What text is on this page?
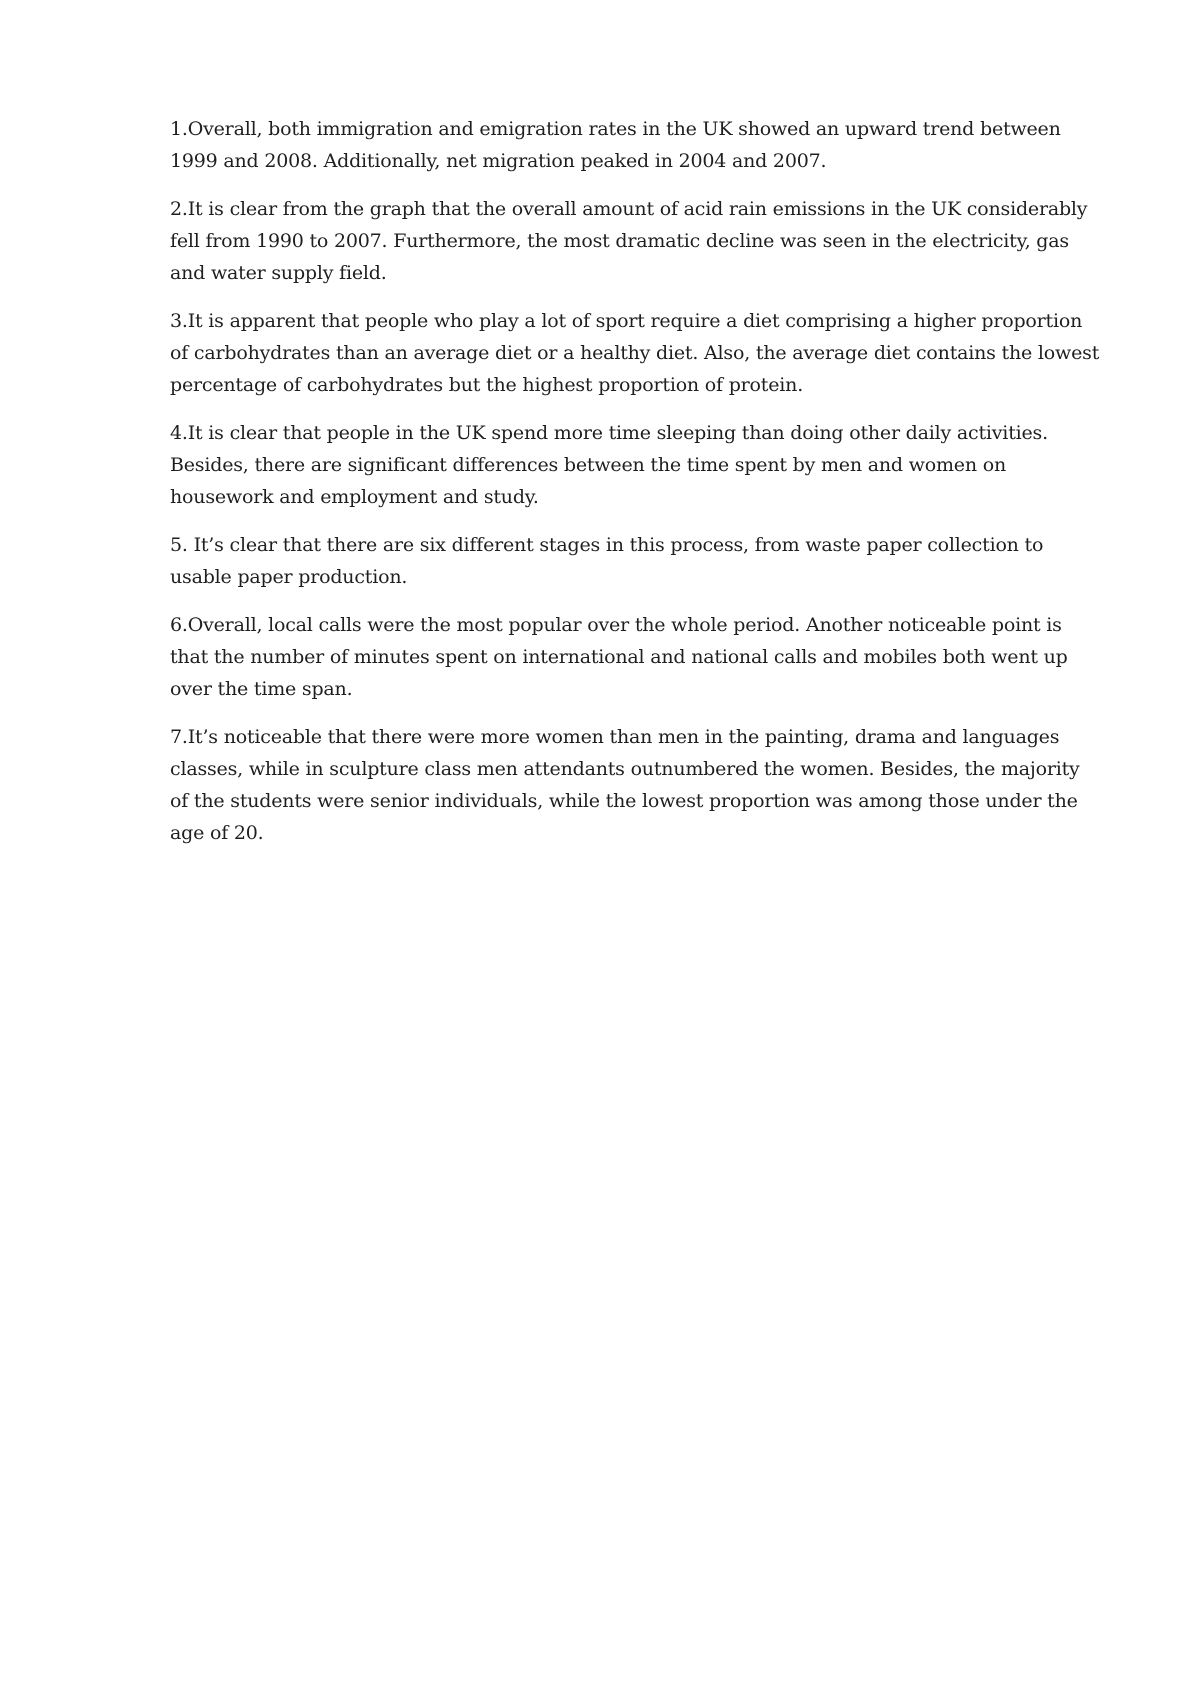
1.Overall, both immigration and emigration rates in the UK showed an upward trend between 1999 and 2008. Additionally, net migration peaked in 2004 and 2007.

2.It is clear from the graph that the overall amount of acid rain emissions in the UK considerably fell from 1990 to 2007. Furthermore, the most dramatic decline was seen in the electricity, gas and water supply field.

3.It is apparent that people who play a lot of sport require a diet comprising a higher proportion of carbohydrates than an average diet or a healthy diet. Also, the average diet contains the lowest percentage of carbohydrates but the highest proportion of protein.

4.It is clear that people in the UK spend more time sleeping than doing other daily activities. Besides, there are significant differences between the time spent by men and women on housework and employment and study.

5. It’s clear that there are six different stages in this process, from waste paper collection to usable paper production.

6.Overall, local calls were the most popular over the whole period. Another noticeable point is that the number of minutes spent on international and national calls and mobiles both went up over the time span.

7.It’s noticeable that there were more women than men in the painting, drama and languages classes, while in sculpture class men attendants outnumbered the women. Besides, the majority of the students were senior individuals, while the lowest proportion was among those under the age of 20.
